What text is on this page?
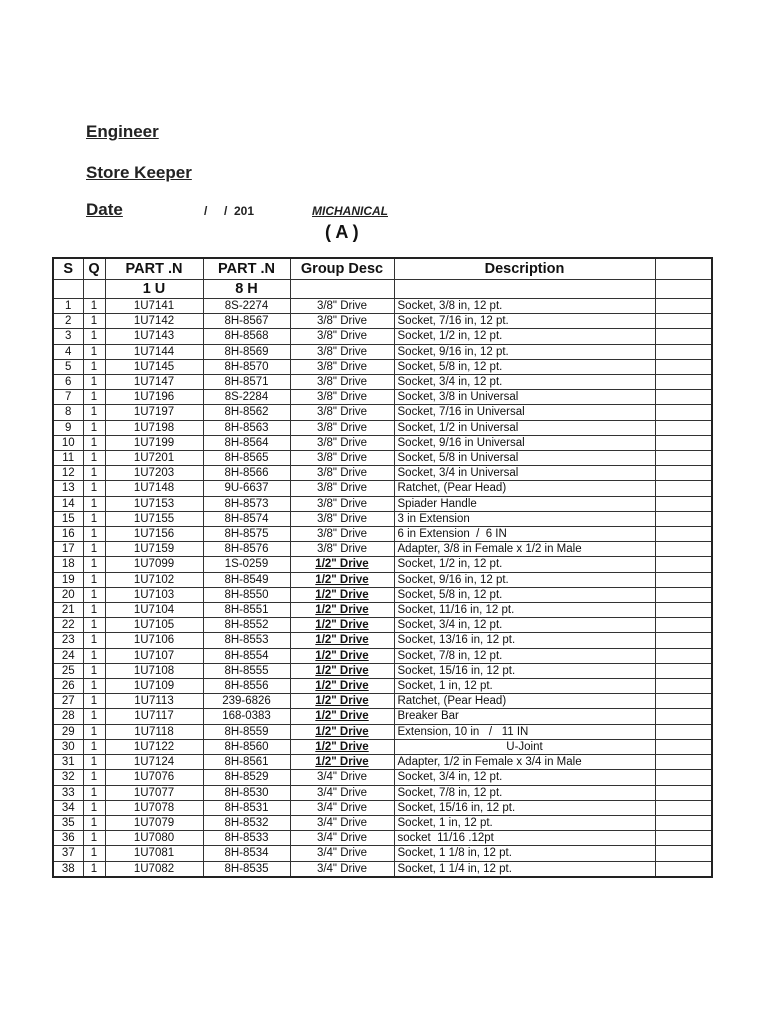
Engineer
Store Keeper
Date	/     /  201	MICHANICAL
( A )
S	Q	PART .N	PART .N	Group Desc	Description	
		1 U	8 H			
1	1	1U7141	8S-2274	3/8" Drive	Socket, 3/8 in, 12 pt.	
2	1	1U7142	8H-8567	3/8" Drive	Socket, 7/16 in, 12 pt.	
3	1	1U7143	8H-8568	3/8" Drive	Socket, 1/2 in, 12 pt.	
4	1	1U7144	8H-8569	3/8" Drive	Socket, 9/16 in, 12 pt.	
5	1	1U7145	8H-8570	3/8" Drive	Socket, 5/8 in, 12 pt.	
6	1	1U7147	8H-8571	3/8" Drive	Socket, 3/4 in, 12 pt.	
7	1	1U7196	8S-2284	3/8" Drive	Socket, 3/8 in Universal	
8	1	1U7197	8H-8562	3/8" Drive	Socket, 7/16 in Universal	
9	1	1U7198	8H-8563	3/8" Drive	Socket, 1/2 in Universal	
10	1	1U7199	8H-8564	3/8" Drive	Socket, 9/16 in Universal	
11	1	1U7201	8H-8565	3/8" Drive	Socket, 5/8 in Universal	
12	1	1U7203	8H-8566	3/8" Drive	Socket, 3/4 in Universal	
13	1	1U7148	9U-6637	3/8" Drive	Ratchet, (Pear Head)	
14	1	1U7153	8H-8573	3/8" Drive	Spiader Handle	
15	1	1U7155	8H-8574	3/8" Drive	3 in Extension	
16	1	1U7156	8H-8575	3/8" Drive	6 in Extension  /  6 IN	
17	1	1U7159	8H-8576	3/8" Drive	Adapter, 3/8 in Female x 1/2 in Male	
18	1	1U7099	1S-0259	1/2" Drive	Socket, 1/2 in, 12 pt.	
19	1	1U7102	8H-8549	1/2" Drive	Socket, 9/16 in, 12 pt.	
20	1	1U7103	8H-8550	1/2" Drive	Socket, 5/8 in, 12 pt.	
21	1	1U7104	8H-8551	1/2" Drive	Socket, 11/16 in, 12 pt.	
22	1	1U7105	8H-8552	1/2" Drive	Socket, 3/4 in, 12 pt.	
23	1	1U7106	8H-8553	1/2" Drive	Socket, 13/16 in, 12 pt.	
24	1	1U7107	8H-8554	1/2" Drive	Socket, 7/8 in, 12 pt.	
25	1	1U7108	8H-8555	1/2" Drive	Socket, 15/16 in, 12 pt.	
26	1	1U7109	8H-8556	1/2" Drive	Socket, 1 in, 12 pt.	
27	1	1U7113	239-6826	1/2" Drive	Ratchet, (Pear Head)	
28	1	1U7117	168-0383	1/2" Drive	Breaker Bar	
29	1	1U7118	8H-8559	1/2" Drive	Extension, 10 in   /   11 IN	
30	1	1U7122	8H-8560	1/2" Drive	U-Joint	
31	1	1U7124	8H-8561	1/2" Drive	Adapter, 1/2 in Female x 3/4 in Male	
32	1	1U7076	8H-8529	3/4" Drive	Socket, 3/4 in, 12 pt.	
33	1	1U7077	8H-8530	3/4" Drive	Socket, 7/8 in, 12 pt.	
34	1	1U7078	8H-8531	3/4" Drive	Socket, 15/16 in, 12 pt.	
35	1	1U7079	8H-8532	3/4" Drive	Socket, 1 in, 12 pt.	
36	1	1U7080	8H-8533	3/4" Drive	socket  11/16 .12pt	
37	1	1U7081	8H-8534	3/4" Drive	Socket, 1 1/8 in, 12 pt.	
38	1	1U7082	8H-8535	3/4" Drive	Socket, 1 1/4 in, 12 pt.	
